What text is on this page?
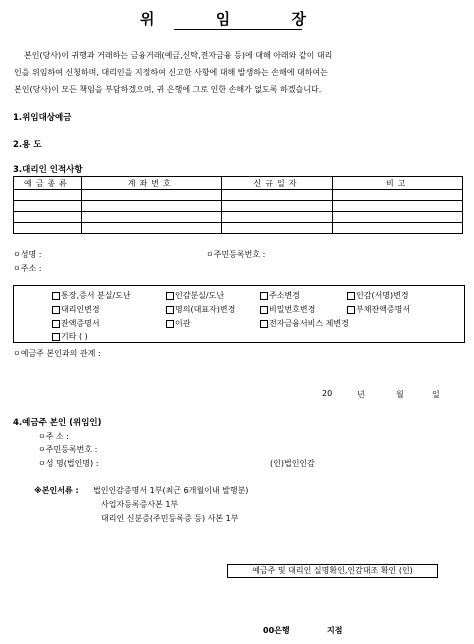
위 임 장
본인(당사)이 귀행과 거래하는 금융거래(예금,신탁,전자금융 등)에 대해 아래와 같이 대리
인을 위임하여 신청하며, 대리인을 지정하여 신고한 사항에 대해 발생하는 손해에 대하여는
본인(당사)이 모든 책임을 부담하겠으며, 귀 은행에 그로 인한 손해가 없도록 하겠습니다.
1.위임대상예금
2.용 도
3.대리인 인적사항
예금종류	계좌번호	신규일자	비고

ㅇ성명 :	ㅇ주민등록번호 :
ㅇ주소 :
통장,증서 분실/도난	인감분실/도난	주소변경	인감(서명)변경
대리인변경	명의(대표자)변경	비밀번호변경	부채잔액증명서
잔액증명서	이관	전자금융서비스 제변경
기타 ( )
ㅇ예금주 본인과의 관계 :
20	년	월	일
4.예금주 본인 (위임인)
ㅇ주 소 :
ㅇ주민등록번호 :
ㅇ성 명(법인명) :	(인)법인인감
※본인서류 : 법인인감증명서 1부(최근 6개월이내 발행분)
사업자등록증사본 1부
대리인 신분증(주민등록증 등) 사본 1부
예금주 및 대리인 실명확인,인감대조 확인 (인)
00은행	지점
